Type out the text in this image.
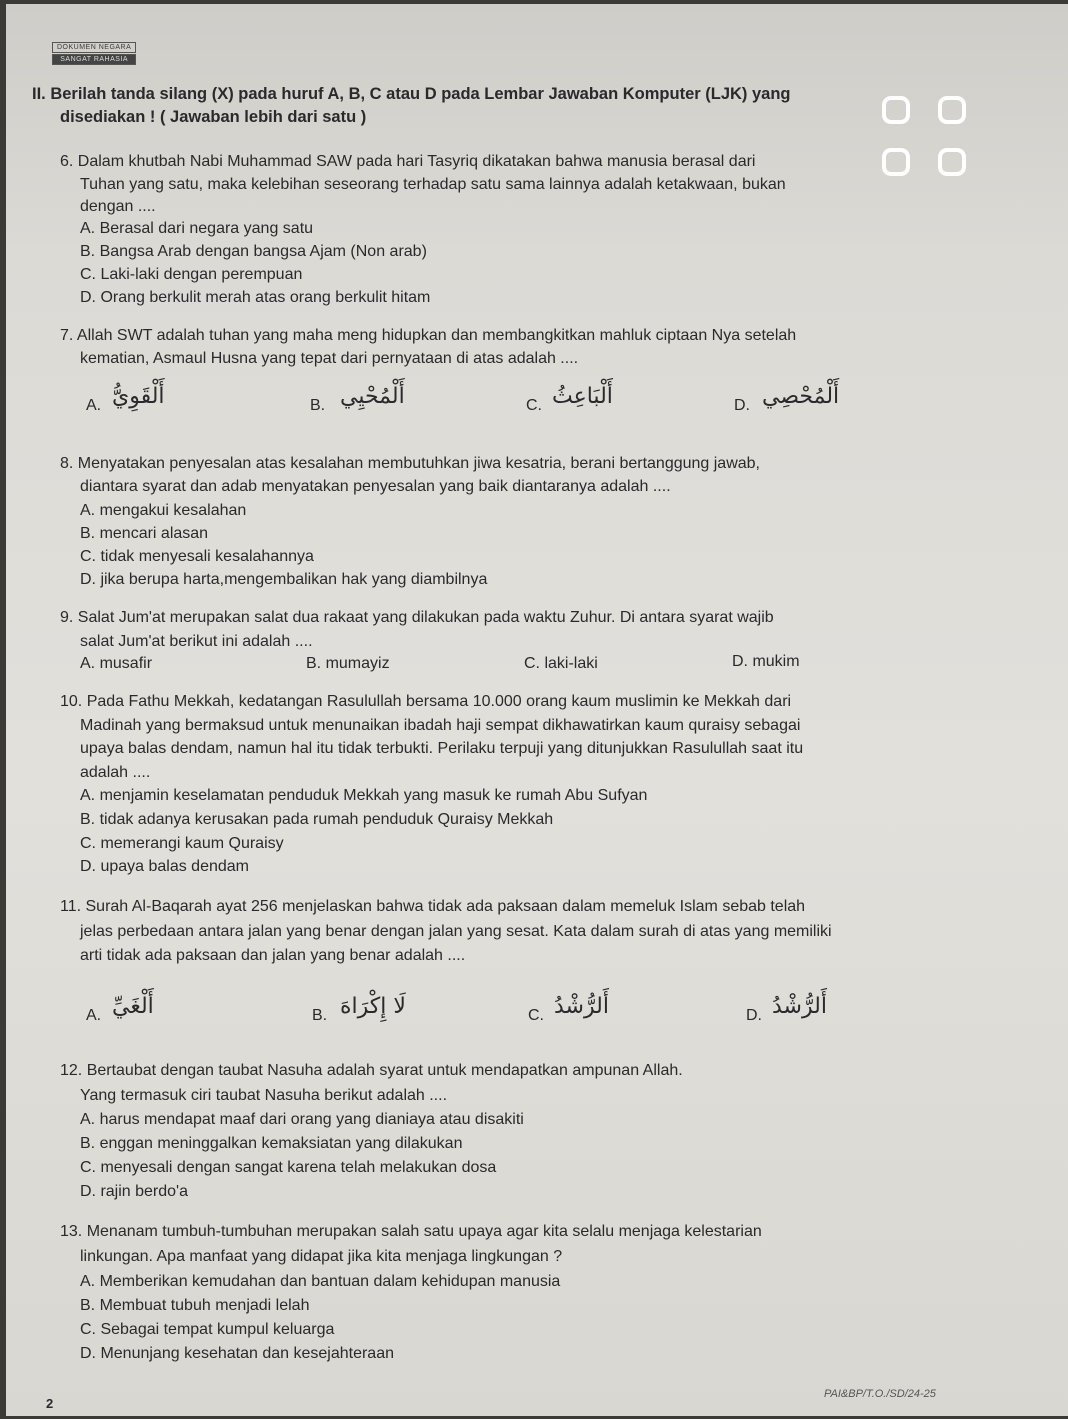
DOKUMEN NEGARA
SANGAT RAHASIA
II. Berilah tanda silang (X) pada huruf A, B, C atau D pada Lembar Jawaban Komputer (LJK) yang
disediakan ! ( Jawaban lebih dari satu )
6. Dalam khutbah Nabi Muhammad SAW pada hari Tasyriq dikatakan bahwa manusia berasal dari
Tuhan yang satu, maka kelebihan seseorang terhadap satu sama lainnya adalah ketakwaan, bukan
dengan ....
A. Berasal dari negara yang satu
B. Bangsa Arab dengan bangsa Ajam (Non arab)
C. Laki-laki dengan perempuan
D. Orang berkulit merah atas orang berkulit hitam
7. Allah SWT adalah tuhan yang maha meng hidupkan dan membangkitkan mahluk ciptaan Nya setelah
kematian, Asmaul Husna yang tepat dari pernyataan di atas adalah ....
A. أَلْقَوِيُّ	B. أَلْمُحْيِي	C. أَلْبَاعِثُ	D. أَلْمُحْصِي
8. Menyatakan penyesalan atas kesalahan membutuhkan jiwa kesatria, berani bertanggung jawab,
diantara syarat dan adab menyatakan penyesalan yang baik diantaranya adalah ....
A. mengakui kesalahan
B. mencari alasan
C. tidak menyesali kesalahannya
D. jika berupa harta,mengembalikan hak yang diambilnya
9. Salat Jum'at merupakan salat dua rakaat yang dilakukan pada waktu Zuhur. Di antara syarat wajib
salat Jum'at berikut ini adalah ....
A. musafir	B. mumayiz	C. laki-laki	D. mukim
10. Pada Fathu Mekkah, kedatangan Rasulullah bersama 10.000 orang kaum muslimin ke Mekkah dari
Madinah yang bermaksud untuk menunaikan ibadah haji sempat dikhawatirkan kaum quraisy sebagai
upaya balas dendam, namun hal itu tidak terbukti. Perilaku terpuji yang ditunjukkan Rasulullah saat itu
adalah ....
A. menjamin keselamatan penduduk Mekkah yang masuk ke rumah Abu Sufyan
B. tidak adanya kerusakan pada rumah penduduk Quraisy Mekkah
C. memerangi kaum Quraisy
D. upaya balas dendam
11. Surah Al-Baqarah ayat 256 menjelaskan bahwa tidak ada paksaan dalam memeluk Islam sebab telah
jelas perbedaan antara jalan yang benar dengan jalan yang sesat. Kata dalam surah di atas yang memiliki
arti tidak ada paksaan dan jalan yang benar adalah ....
A. أَلْغَيِّ	B. لَا إِكْرَاهَ	C. أَلرُّشْدُ	D. أَلرُّشْدُ
12. Bertaubat dengan taubat Nasuha adalah syarat untuk mendapatkan ampunan Allah.
Yang termasuk ciri taubat Nasuha berikut adalah ....
A. harus mendapat maaf dari orang yang dianiaya atau disakiti
B. enggan meninggalkan kemaksiatan yang dilakukan
C. menyesali dengan sangat karena telah melakukan dosa
D. rajin berdo'a
13. Menanam tumbuh-tumbuhan merupakan salah satu upaya agar kita selalu menjaga kelestarian
linkungan. Apa manfaat yang didapat jika kita menjaga lingkungan ?
A. Memberikan kemudahan dan bantuan dalam kehidupan manusia
B. Membuat tubuh menjadi lelah
C. Sebagai tempat kumpul keluarga
D. Menunjang kesehatan dan kesejahteraan
2
PAI&BP/T.O./SD/24-25
